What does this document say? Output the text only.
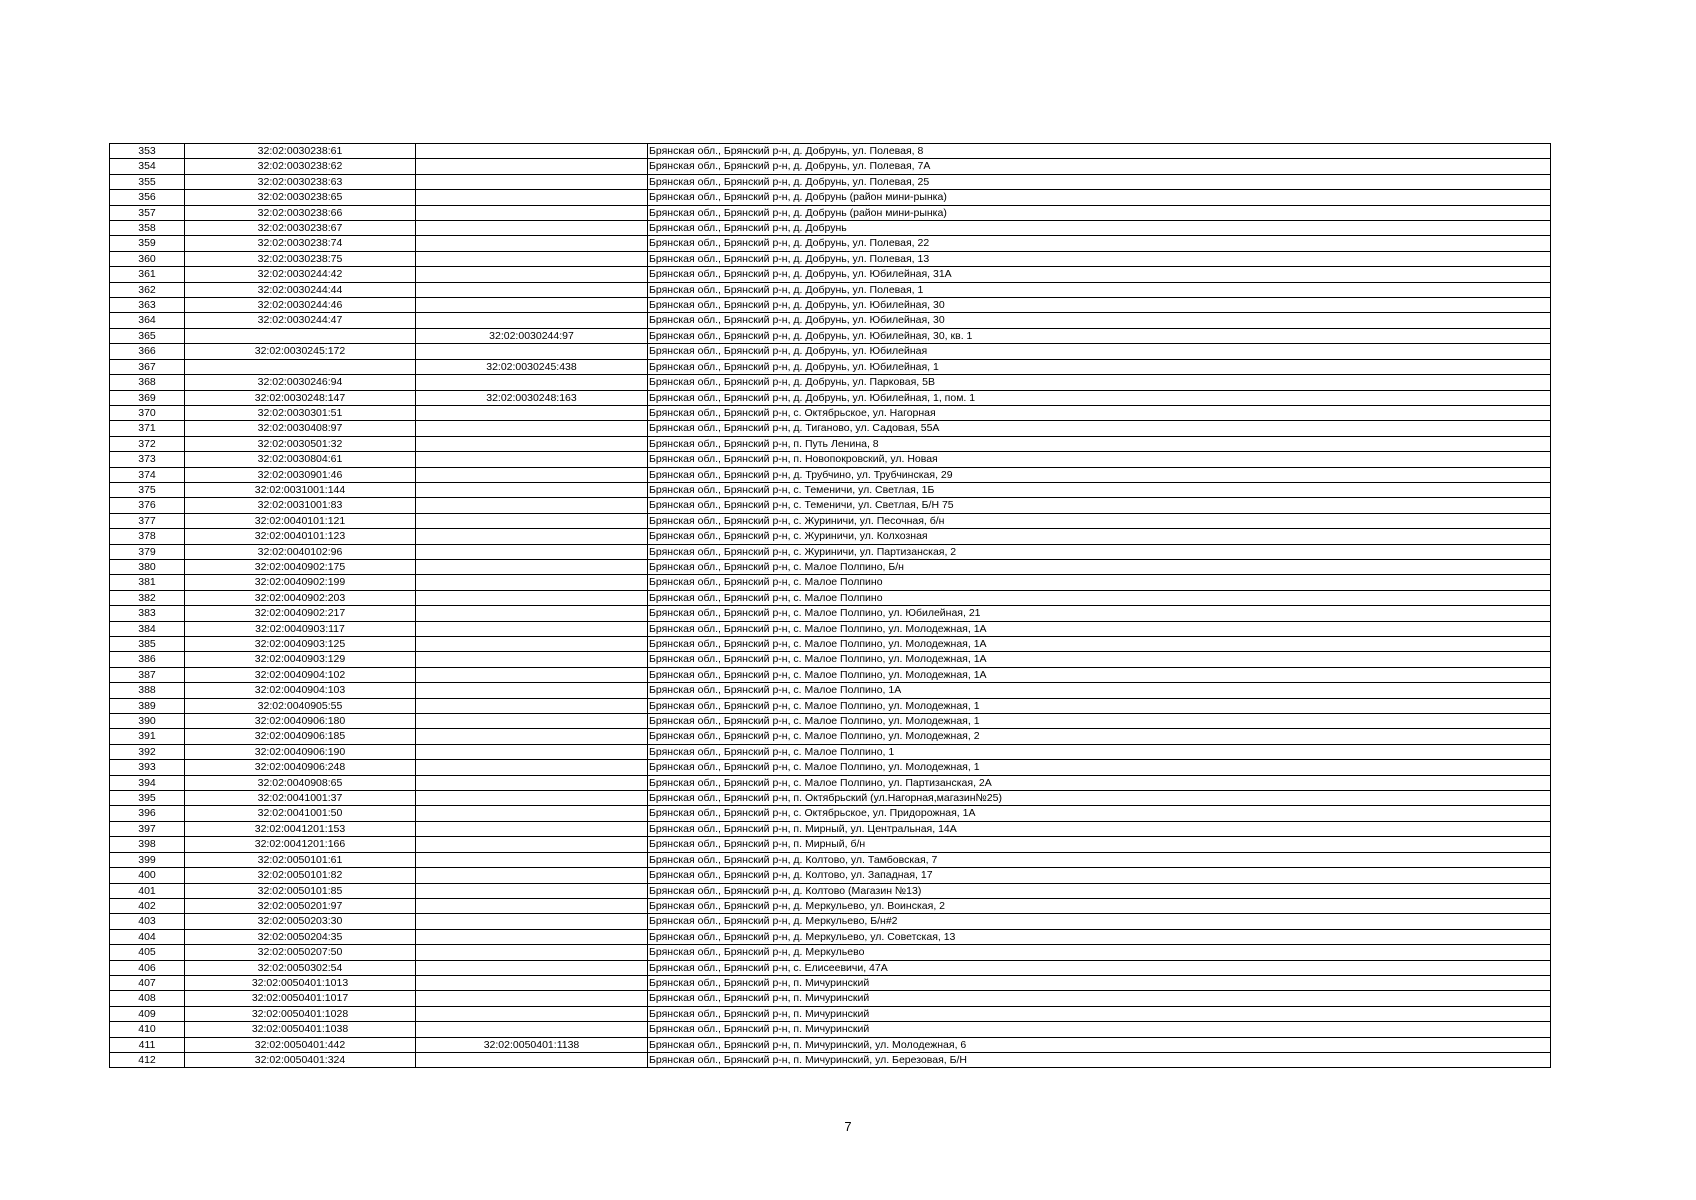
353	32:02:0030238:61		Брянская обл., Брянский р-н, д. Добрунь, ул. Полевая, 8
354	32:02:0030238:62		Брянская обл., Брянский р-н, д. Добрунь, ул. Полевая, 7А
355	32:02:0030238:63		Брянская обл., Брянский р-н, д. Добрунь, ул. Полевая, 25
356	32:02:0030238:65		Брянская обл., Брянский р-н, д. Добрунь (район мини-рынка)
357	32:02:0030238:66		Брянская обл., Брянский р-н, д. Добрунь (район мини-рынка)
358	32:02:0030238:67		Брянская обл., Брянский р-н, д. Добрунь
359	32:02:0030238:74		Брянская обл., Брянский р-н, д. Добрунь, ул. Полевая, 22
360	32:02:0030238:75		Брянская обл., Брянский р-н, д. Добрунь, ул. Полевая, 13
361	32:02:0030244:42		Брянская обл., Брянский р-н, д. Добрунь, ул. Юбилейная, 31А
362	32:02:0030244:44		Брянская обл., Брянский р-н, д. Добрунь, ул. Полевая, 1
363	32:02:0030244:46		Брянская обл., Брянский р-н, д. Добрунь, ул. Юбилейная, 30
364	32:02:0030244:47		Брянская обл., Брянский р-н, д. Добрунь, ул. Юбилейная, 30
365		32:02:0030244:97	Брянская обл., Брянский р-н, д. Добрунь, ул. Юбилейная, 30, кв. 1
366	32:02:0030245:172		Брянская обл., Брянский р-н, д. Добрунь, ул. Юбилейная
367		32:02:0030245:438	Брянская обл., Брянский р-н, д. Добрунь, ул. Юбилейная, 1
368	32:02:0030246:94		Брянская обл., Брянский р-н, д. Добрунь, ул. Парковая, 5В
369	32:02:0030248:147	32:02:0030248:163	Брянская обл., Брянский р-н, д. Добрунь, ул. Юбилейная, 1, пом. 1
370	32:02:0030301:51		Брянская обл., Брянский р-н, с. Октябрьское, ул. Нагорная
371	32:02:0030408:97		Брянская обл., Брянский р-н, д. Тиганово, ул. Садовая, 55А
372	32:02:0030501:32		Брянская обл., Брянский р-н, п. Путь Ленина, 8
373	32:02:0030804:61		Брянская обл., Брянский р-н, п. Новопокровский, ул. Новая
374	32:02:0030901:46		Брянская обл., Брянский р-н, д. Трубчино, ул. Трубчинская, 29
375	32:02:0031001:144		Брянская обл., Брянский р-н, с. Теменичи, ул. Светлая, 1Б
376	32:02:0031001:83		Брянская обл., Брянский р-н, с. Теменичи, ул. Светлая, Б/Н 75
377	32:02:0040101:121		Брянская обл., Брянский р-н, с. Журиничи, ул. Песочная, б/н
378	32:02:0040101:123		Брянская обл., Брянский р-н, с. Журиничи, ул. Колхозная
379	32:02:0040102:96		Брянская обл., Брянский р-н, с. Журиничи, ул. Партизанская, 2
380	32:02:0040902:175		Брянская обл., Брянский р-н, с. Малое Полпино, Б/н
381	32:02:0040902:199		Брянская обл., Брянский р-н, с. Малое Полпино
382	32:02:0040902:203		Брянская обл., Брянский р-н, с. Малое Полпино
383	32:02:0040902:217		Брянская обл., Брянский р-н, с. Малое Полпино, ул. Юбилейная, 21
384	32:02:0040903:117		Брянская обл., Брянский р-н, с. Малое Полпино, ул. Молодежная, 1А
385	32:02:0040903:125		Брянская обл., Брянский р-н, с. Малое Полпино, ул. Молодежная, 1А
386	32:02:0040903:129		Брянская обл., Брянский р-н, с. Малое Полпино, ул. Молодежная, 1А
387	32:02:0040904:102		Брянская обл., Брянский р-н, с. Малое Полпино, ул. Молодежная, 1А
388	32:02:0040904:103		Брянская обл., Брянский р-н, с. Малое Полпино, 1А
389	32:02:0040905:55		Брянская обл., Брянский р-н, с. Малое Полпино, ул. Молодежная, 1
390	32:02:0040906:180		Брянская обл., Брянский р-н, с. Малое Полпино, ул. Молодежная, 1
391	32:02:0040906:185		Брянская обл., Брянский р-н, с. Малое Полпино, ул. Молодежная, 2
392	32:02:0040906:190		Брянская обл., Брянский р-н, с. Малое Полпино, 1
393	32:02:0040906:248		Брянская обл., Брянский р-н, с. Малое Полпино, ул. Молодежная, 1
394	32:02:0040908:65		Брянская обл., Брянский р-н, с. Малое Полпино, ул. Партизанская, 2А
395	32:02:0041001:37		Брянская обл., Брянский р-н, п. Октябрьский (ул.Нагорная,магазин№25)
396	32:02:0041001:50		Брянская обл., Брянский р-н, с. Октябрьское, ул. Придорожная, 1А
397	32:02:0041201:153		Брянская обл., Брянский р-н, п. Мирный, ул. Центральная, 14А
398	32:02:0041201:166		Брянская обл., Брянский р-н, п. Мирный, б/н
399	32:02:0050101:61		Брянская обл., Брянский р-н, д. Колтово, ул. Тамбовская, 7
400	32:02:0050101:82		Брянская обл., Брянский р-н, д. Колтово, ул. Западная, 17
401	32:02:0050101:85		Брянская обл., Брянский р-н, д. Колтово (Магазин №13)
402	32:02:0050201:97		Брянская обл., Брянский р-н, д. Меркульево, ул. Воинская, 2
403	32:02:0050203:30		Брянская обл., Брянский р-н, д. Меркульево, Б/н#2
404	32:02:0050204:35		Брянская обл., Брянский р-н, д. Меркульево, ул. Советская, 13
405	32:02:0050207:50		Брянская обл., Брянский р-н, д. Меркульево
406	32:02:0050302:54		Брянская обл., Брянский р-н, с. Елисеевичи, 47А
407	32:02:0050401:1013		Брянская обл., Брянский р-н, п. Мичуринский
408	32:02:0050401:1017		Брянская обл., Брянский р-н, п. Мичуринский
409	32:02:0050401:1028		Брянская обл., Брянский р-н, п. Мичуринский
410	32:02:0050401:1038		Брянская обл., Брянский р-н, п. Мичуринский
411	32:02:0050401:442	32:02:0050401:1138	Брянская обл., Брянский р-н, п. Мичуринский, ул. Молодежная, 6
412	32:02:0050401:324		Брянская обл., Брянский р-н, п. Мичуринский, ул. Березовая, Б/Н
7
